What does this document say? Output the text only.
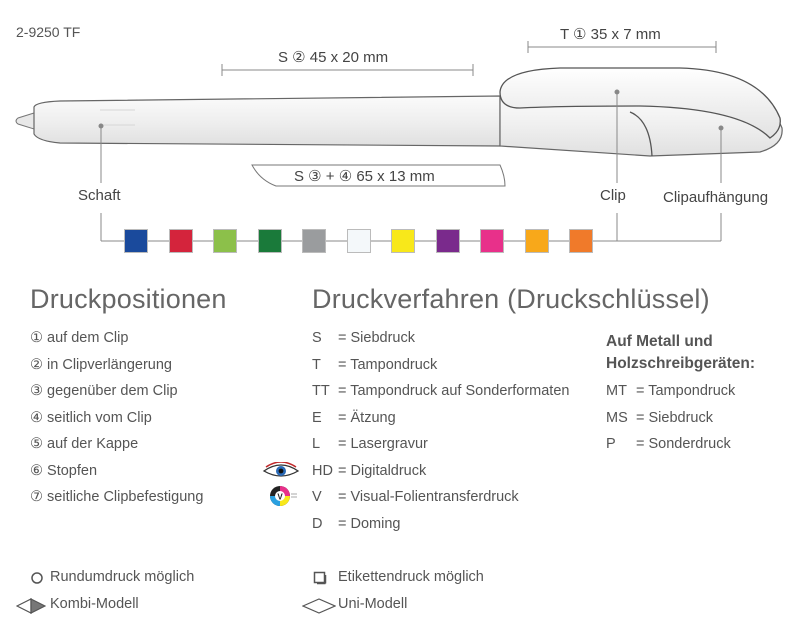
2-9250 TF	T ① 35 x 7 mm
S ② 45 x 20 mm
S ③ + ④ 65 x 13 mm
Schaft	Clip Clipaufhängung
Druckpositionen
① auf dem Clip
② in Clipverlängerung
③ gegenüber dem Clip
④ seitlich vom Clip
⑤ auf der Kappe
⑥ Stopfen
⑦ seitliche Clipbefestigung
Druckverfahren (Druckschlüssel)
S = Siebdruck
T = Tampondruck
TT = Tampondruck auf Sonderformaten
E = Ätzung
L = Lasergravur
HD = Digitaldruck
V = Visual-Folientransferdruck
D = Doming
V
Auf Metall und
Holzschreibgeräten:
MT = Tampondruck
MS = Siebdruck
P = Sonderdruck
Rundumdruck möglich	Etikettendruck möglich
Kombi-Modell	Uni-Modell
